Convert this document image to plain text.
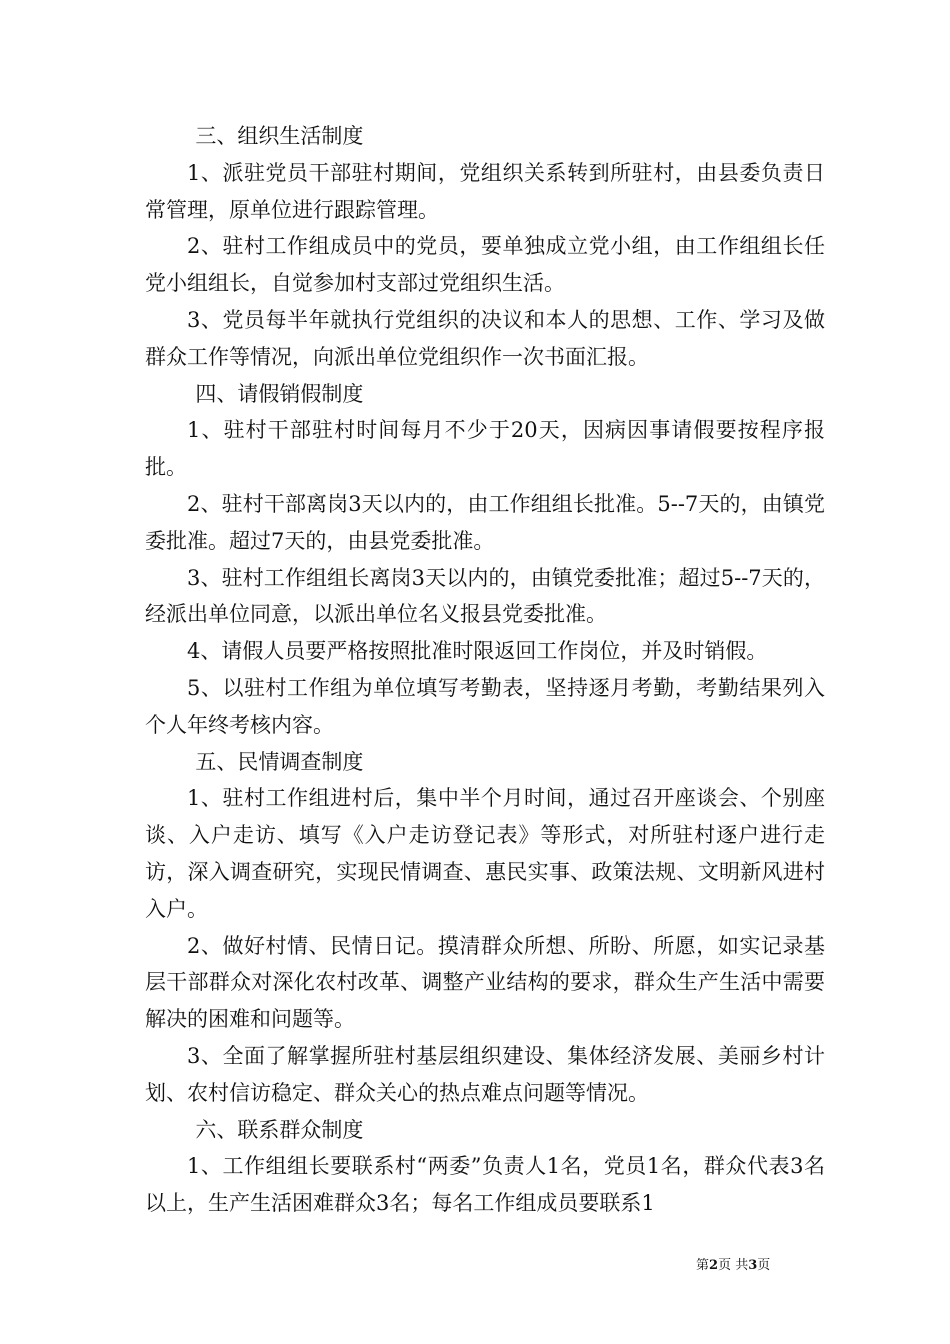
三、组织生活制度

1、派驻党员干部驻村期间，党组织关系转到所驻村，由县委负责日常管理，原单位进行跟踪管理。

2、驻村工作组成员中的党员，要单独成立党小组，由工作组组长任党小组组长，自觉参加村支部过党组织生活。

3、党员每半年就执行党组织的决议和本人的思想、工作、学习及做群众工作等情况，向派出单位党组织作一次书面汇报。

四、请假销假制度

1、驻村干部驻村时间每月不少于20天，因病因事请假要按程序报批。

2、驻村干部离岗3天以内的，由工作组组长批准。5--7天的，由镇党委批准。超过7天的，由县党委批准。

3、驻村工作组组长离岗3天以内的，由镇党委批准；超过5--7天的，经派出单位同意，以派出单位名义报县党委批准。

4、请假人员要严格按照批准时限返回工作岗位，并及时销假。

5、以驻村工作组为单位填写考勤表，坚持逐月考勤，考勤结果列入个人年终考核内容。

五、民情调查制度

1、驻村工作组进村后，集中半个月时间，通过召开座谈会、个别座谈、入户走访、填写《入户走访登记表》等形式，对所驻村逐户进行走访，深入调查研究，实现民情调查、惠民实事、政策法规、文明新风进村入户。

2、做好村情、民情日记。摸清群众所想、所盼、所愿，如实记录基层干部群众对深化农村改革、调整产业结构的要求，群众生产生活中需要解决的困难和问题等。

3、全面了解掌握所驻村基层组织建设、集体经济发展、美丽乡村计划、农村信访稳定、群众关心的热点难点问题等情况。

六、联系群众制度

1、工作组组长要联系村“两委”负责人1名，党员1名，群众代表3名以上，生产生活困难群众3名；每名工作组成员要联系1

第2页 共3页
